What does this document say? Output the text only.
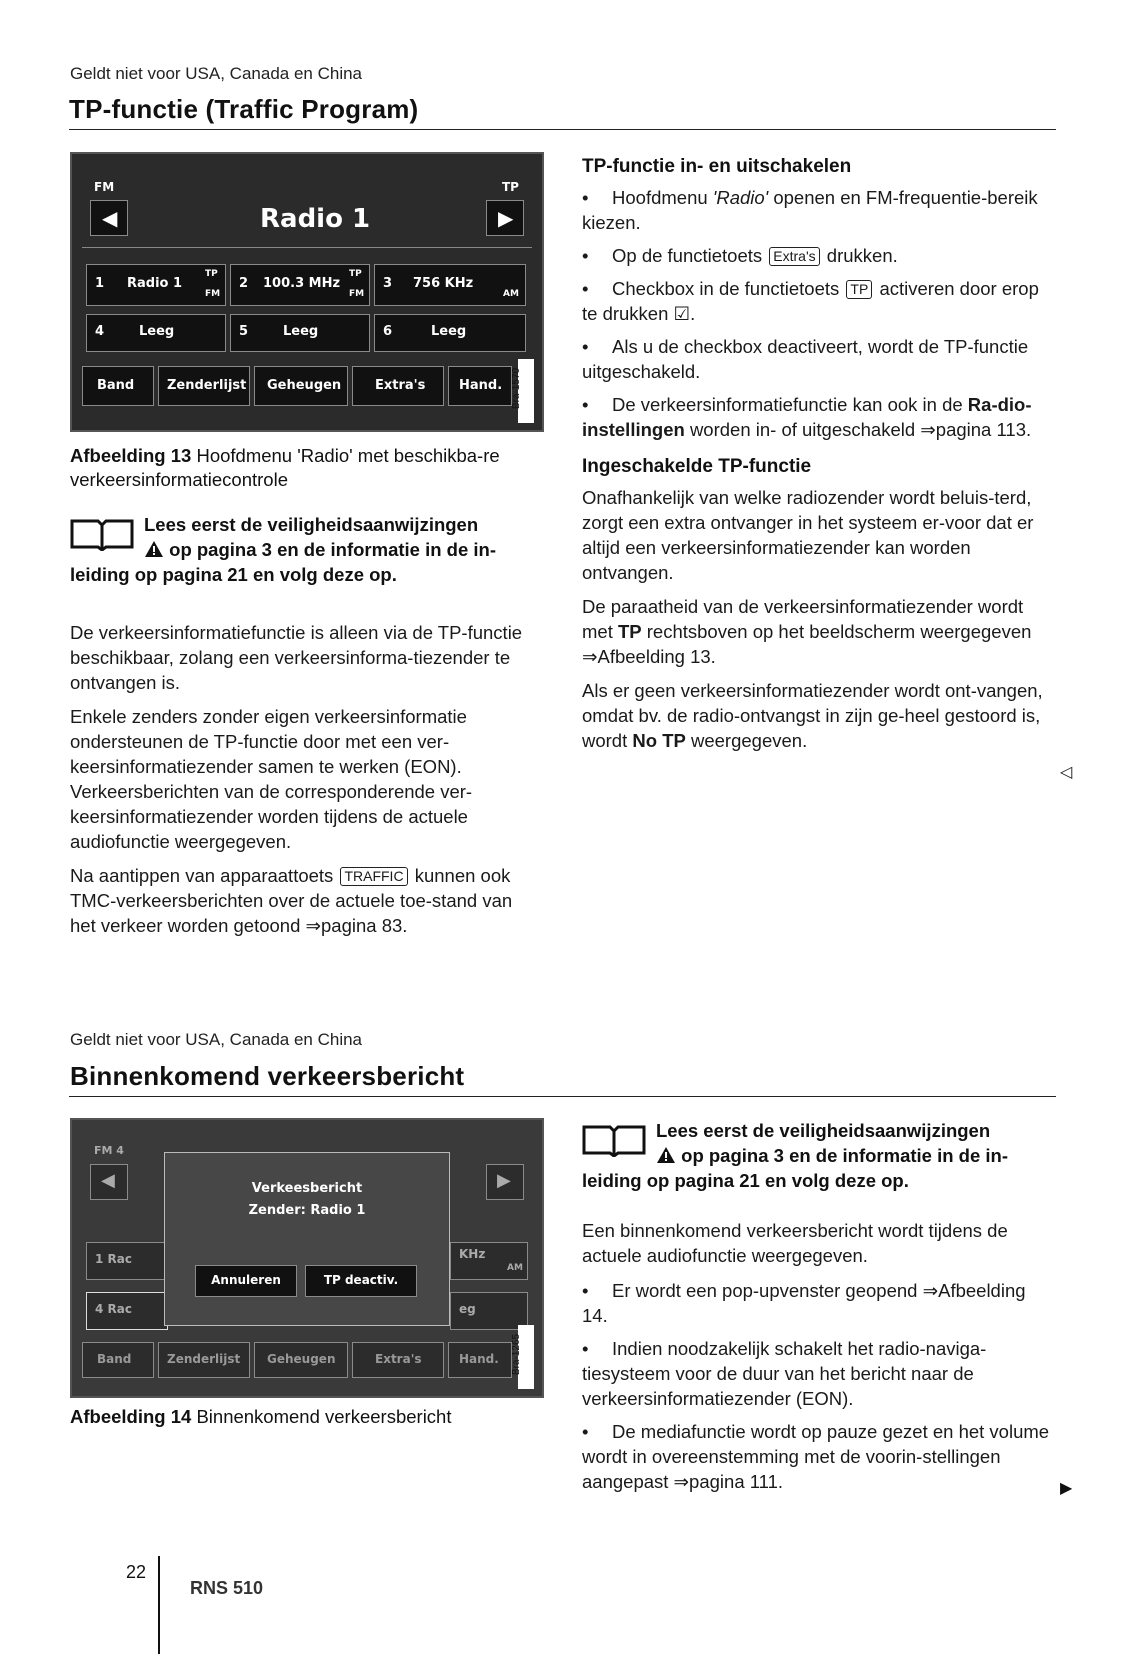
Geldt niet voor USA, Canada en China
TP-functie (Traffic Program)
FM	TP
◀	Radio 1	▶
1 Radio 1
TP
FM
2 100.3 MHz
TP
FM
3 756 KHz
AM
4	Leeg	5	Leeg	6	Leeg
Band	Zenderlijst Geheugen	Extra's	Hand. Bra-1570
Afbeelding 13 Hoofdmenu 'Radio' met beschikba-re verkeersinformatiecontrole
Lees eerst de veiligheidsaanwijzingen
op pagina 3 en de informatie in de in-
leiding op pagina 21 en volg deze op.

De verkeersinformatiefunctie is alleen via de TP-functie beschikbaar, zolang een verkeersinforma-tiezender te ontvangen is.

Enkele zenders zonder eigen verkeersinformatie ondersteunen de TP-functie door met een ver-keersinformatiezender samen te werken (EON). Verkeersberichten van de corresponderende ver-keersinformatiezender worden tijdens de actuele audiofunctie weergegeven.

Na aantippen van apparaattoets TRAFFIC kunnen ook TMC-verkeersberichten over de actuele toe-stand van het verkeer worden getoond ⇒pagina 83.

TP-functie in- en uitschakelen
• Hoofdmenu 'Radio' openen en FM-frequentie-bereik kiezen.
• Op de functietoets Extra's drukken.
• Checkbox in de functietoets TP activeren door erop te drukken ☑.
• Als u de checkbox deactiveert, wordt de TP-functie uitgeschakeld.
• De verkeersinformatiefunctie kan ook in de Ra-dio-instellingen worden in- of uitgeschakeld ⇒pagina 113.
Ingeschakelde TP-functie

Onafhankelijk van welke radiozender wordt beluis-terd, zorgt een extra ontvanger in het systeem er-voor dat er altijd een verkeersinformatiezender kan worden ontvangen.

De paraatheid van de verkeersinformatiezender wordt met TP rechtsboven op het beeldscherm weergegeven ⇒Afbeelding 13.

Als er geen verkeersinformatiezender wordt ont-vangen, omdat bv. de radio-ontvangst in zijn ge-heel gestoord is, wordt No TP weergegeven.

◁
Geldt niet voor USA, Canada en China
Binnenkomend verkeersbericht
FM 4
◀	▶
1 Rac
4 Rac
KHz
AM
eg
Band	Zenderlijst Geheugen	Extra's	Hand.
Verkeesbericht
Zender: Radio 1
Annuleren	TP deactiv.
Bra-1265
Afbeelding 14 Binnenkomend verkeersbericht
Lees eerst de veiligheidsaanwijzingen
op pagina 3 en de informatie in de in-
leiding op pagina 21 en volg deze op.

Een binnenkomend verkeersbericht wordt tijdens de actuele audiofunctie weergegeven.

• Er wordt een pop-upvenster geopend ⇒Afbeelding 14.
• Indien noodzakelijk schakelt het radio-naviga-tiesysteem voor de duur van het bericht naar de verkeersinformatiezender (EON).
• De mediafunctie wordt op pauze gezet en het volume wordt in overeenstemming met de voorin-stellingen aangepast ⇒pagina 111.	▶
22
RNS 510
